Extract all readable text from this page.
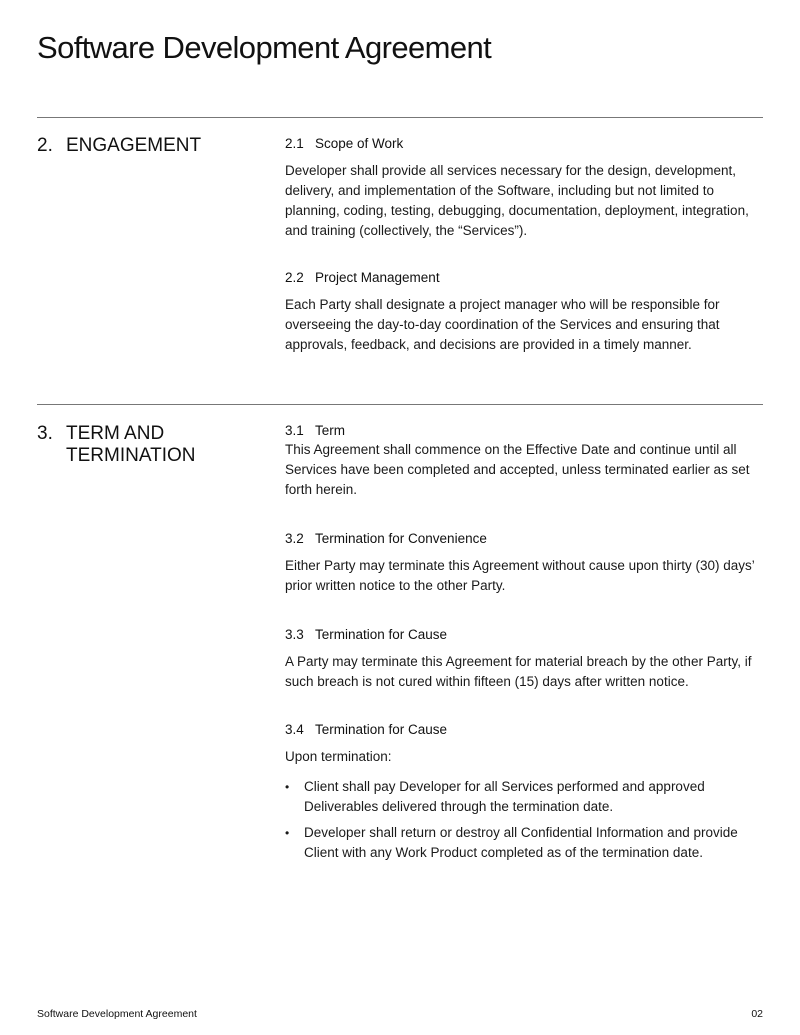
Software Development Agreement
2. ENGAGEMENT	2.1 Scope of Work

Developer shall provide all services necessary for the design, development, delivery, and implementation of the Software, including but not limited to planning, coding, testing, debugging, documentation, deployment, integration, and training (collectively, the “Services”).

2.2 Project Management

Each Party shall designate a project manager who will be responsible for overseeing the day-to-day coordination of the Services and ensuring that approvals, feedback, and decisions are provided in a timely manner.

3. TERM AND TERMINATION
3.1 Term

This Agreement shall commence on the Effective Date and continue until all Services have been completed and accepted, unless terminated earlier as set forth herein.

3.2 Termination for Convenience

Either Party may terminate this Agreement without cause upon thirty (30) days’ prior written notice to the other Party.

3.3 Termination for Cause

A Party may terminate this Agreement for material breach by the other Party, if such breach is not cured within fifteen (15) days after written notice.

3.4 Termination for Cause

Upon termination:

• Client shall pay Developer for all Services performed and approved Deliverables delivered through the termination date.
• Developer shall return or destroy all Confidential Information and provide Client with any Work Product completed as of the termination date.
Software Development Agreement	02
